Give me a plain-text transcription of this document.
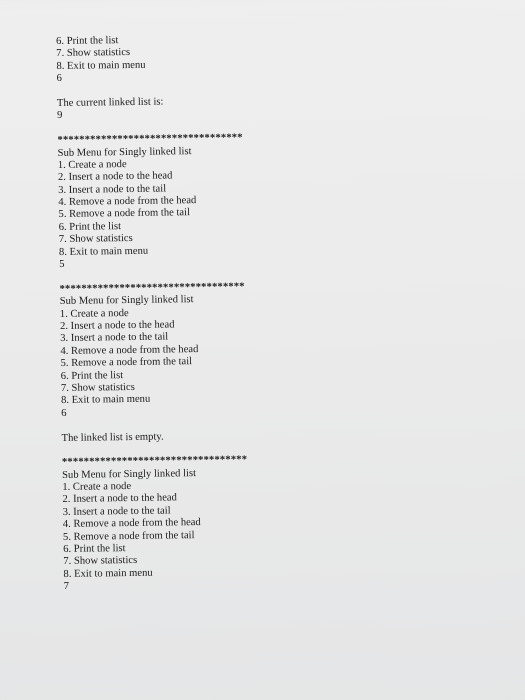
6. Print the list
7. Show statistics
8. Exit to main menu
6
The current linked list is:
9
**********************************
Sub Menu for Singly linked list
1. Create a node
2. Insert a node to the head
3. Insert a node to the tail
4. Remove a node from the head
5. Remove a node from the tail
6. Print the list
7. Show statistics
8. Exit to main menu
5
**********************************
Sub Menu for Singly linked list
1. Create a node
2. Insert a node to the head
3. Insert a node to the tail
4. Remove a node from the head
5. Remove a node from the tail
6. Print the list
7. Show statistics
8. Exit to main menu
6
The linked list is empty.
**********************************
Sub Menu for Singly linked list
1. Create a node
2. Insert a node to the head
3. Insert a node to the tail
4. Remove a node from the head
5. Remove a node from the tail
6. Print the list
7. Show statistics
8. Exit to main menu
7
